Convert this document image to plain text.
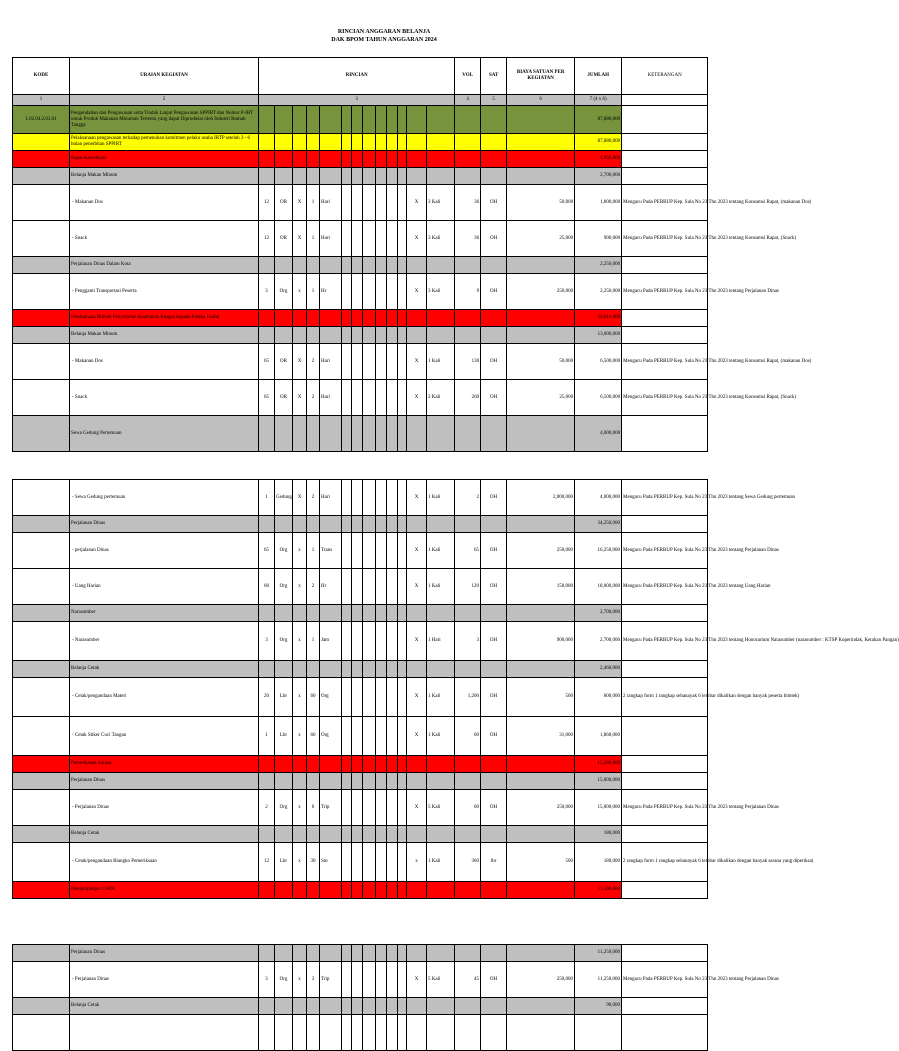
RINCIAN ANGGARAN BELANJA
DAK BPOM TAHUN ANGGARAN 2024
KODE	URAIAN KEGIATAN	RINCIAN													VOL	SAT	BIAYA SATUAN PER KEGIATAN	JUMLAH	KETERANGAN
1	2	3													4	5	6	7 (4 x 6)	
1.02.04.2.03.01	Pengendalian dan Pengawasan serta Tindak Lanjut Pengawasan SPPIRT dan Nomor P-IRT untuk Produk Makanan Minuman Tertentu yang dapat Diproduksi oleh Industri Rumah Tangga																	87,880,000	
	Pelaksanaan pengawasan terhadap pemenuhan komitmen pelaku usaha IRTP setelah 3 - 6 bulan penerbitan SPPIRT																	87,880,000	
	Rapat Koordinasi																	4,950,000	
	Belanja Makan Minum																	2,700,000	
	- Makanan Dos	12	OR	X	1	Hari							X	3 Kali	36	OH	50,000	1,800,000	Mengacu Pada PERBUP Kep. Sula No 23 Thn 2023 tentang Konsumsi Rapat, (makanan Dos)
	- Snack	12	OR	X	1	Hari							X	3 Kali	36	OH	25,000	900,000	Mengacu Pada PERBUP Kep. Sula No 23 Thn 2023 tentang Konsumsi Rapat, (Snack)
	Perjalanan Dinas Dalam Kota																	2,250,000	
	- Pengganti Transportasi Peserta	3	Org	x	1	Hr							X	3 Kali	9	OH	250,000	2,250,000	Mengacu Pada PERBUP Kep. Sula No 23 Thn 2023 tentang Perjalanan Dinas
	Pelaksanaan Bimtek Penyuluhan Keamanan Pangan kepada Pelaku Usaha																	56,610,000	
	Belanja Makan Minum																	13,000,000	
	- Makanan Dos	65	OR	X	2	Hari							X	1 Kali	130	OH	50,000	6,500,000	Mengacu Pada PERBUP Kep. Sula No 23 Thn 2023 tentang Konsumsi Rapat, (makanan Dos)
	- Snack	65	OR	X	2	Hari							X	2 Kali	260	OH	25,000	6,500,000	Mengacu Pada PERBUP Kep. Sula No 23 Thn 2023 tentang Konsumsi Rapat, (Snack)
	Sewa Gedung Pertemuan																	4,000,000	
	- Sewa Gedung pertemuan	1	Gedung	X	2	Hari							X	1 Kali	2	OH	2,000,000	4,000,000	Mengacu Pada PERBUP Kep. Sula No 23 Thn 2023 tentang Sewa Gedung pertemuan
	Perjalanan Dinas																	34,250,000	
	- perjalanan Dinas	65	Org	x	1	Trans							X	1 Kali	65	OH	250,000	16,250,000	Mengacu Pada PERBUP Kep. Sula No 23 Thn 2023 tentang Perjalanan Dinas
	- Uang Harian	60	Org	x	2	Hr							X	1 Kali	120	OH	150,000	18,000,000	Mengacu Pada PERBUP Kep. Sula No 23 Thn 2023 tentang Uang Harian
	Narasumber																	2,700,000	
	- Narasumber	3	Org	x	1	Jam							X	1 Hari	3	OH	900,000	2,700,000	Mengacu Pada PERBUP Kep. Sula No 23 Thn 2023 tentang Honorarium Narasumber (narasumber : KTSP Koperindak, Ketahan Pangan)
	Belanja Cetak																	2,460,000	
	- Cetak/pengandaan Materi	20	Lbr	x	60	Org							X	1 Kali	1,200	OH	500	600,000	2 rangkap form 1 rangkap sebanayak 6 lembar dikalikan dengan banyak peserta bimtek)
	- Cetak Stiker Cuci Tangan	1	Lbr	x	60	Org							X	1 Kali	60	OH	31,000	1,860,000	
	Pemeriksaan Sarana																	15,180,000	
	Perjalanan Dinas																	15,000,000	
	- Perjalanan Dinas	2	Org	x	6	Trip							X	5 Kali	60	OH	250,000	15,000,000	Mengacu Pada PERBUP Kep. Sula No 23 Thn 2023 tentang Perjalanan Dinas
	Belanja Cetak																	180,000	
	- Cetak/pengandaan Blangko Pemeriksaan	12	Lbr	x	30	Sm							x	1 Kali	360	lbr	500	180,000	2 rangkap form 1 rangkap sebanayak 6 lembar dikalikan dengan banyak sarana yang diperiksa)
	Pendampingan CAPA																	11,340,000	
	Perjalanan Dinas																	11,250,000	
	- Perjalanan Dinas	3	Org	x	3	Trip							X	5 Kali	45	OH	250,000	11,250,000	Mengacu Pada PERBUP Kep. Sula No 23 Thn 2023 tentang Perjalanan Dinas
	Belanja Cetak																	90,000	
